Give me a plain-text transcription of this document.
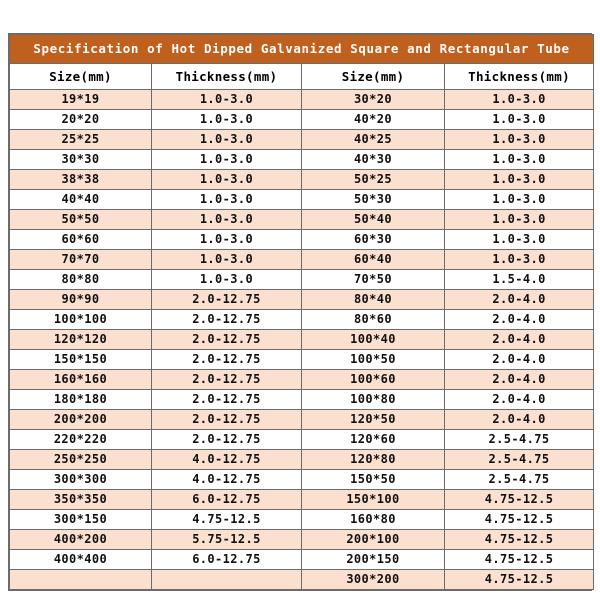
Specification of Hot Dipped Galvanized Square and Rectangular Tube			
Size(mm)	Thickness(mm)	Size(mm)	Thickness(mm)
19*19	1.0-3.0	30*20	1.0-3.0
20*20	1.0-3.0	40*20	1.0-3.0
25*25	1.0-3.0	40*25	1.0-3.0
30*30	1.0-3.0	40*30	1.0-3.0
38*38	1.0-3.0	50*25	1.0-3.0
40*40	1.0-3.0	50*30	1.0-3.0
50*50	1.0-3.0	50*40	1.0-3.0
60*60	1.0-3.0	60*30	1.0-3.0
70*70	1.0-3.0	60*40	1.0-3.0
80*80	1.0-3.0	70*50	1.5-4.0
90*90	2.0-12.75	80*40	2.0-4.0
100*100	2.0-12.75	80*60	2.0-4.0
120*120	2.0-12.75	100*40	2.0-4.0
150*150	2.0-12.75	100*50	2.0-4.0
160*160	2.0-12.75	100*60	2.0-4.0
180*180	2.0-12.75	100*80	2.0-4.0
200*200	2.0-12.75	120*50	2.0-4.0
220*220	2.0-12.75	120*60	2.5-4.75
250*250	4.0-12.75	120*80	2.5-4.75
300*300	4.0-12.75	150*50	2.5-4.75
350*350	6.0-12.75	150*100	4.75-12.5
300*150	4.75-12.5	160*80	4.75-12.5
400*200	5.75-12.5	200*100	4.75-12.5
400*400	6.0-12.75	200*150	4.75-12.5
		300*200	4.75-12.5
